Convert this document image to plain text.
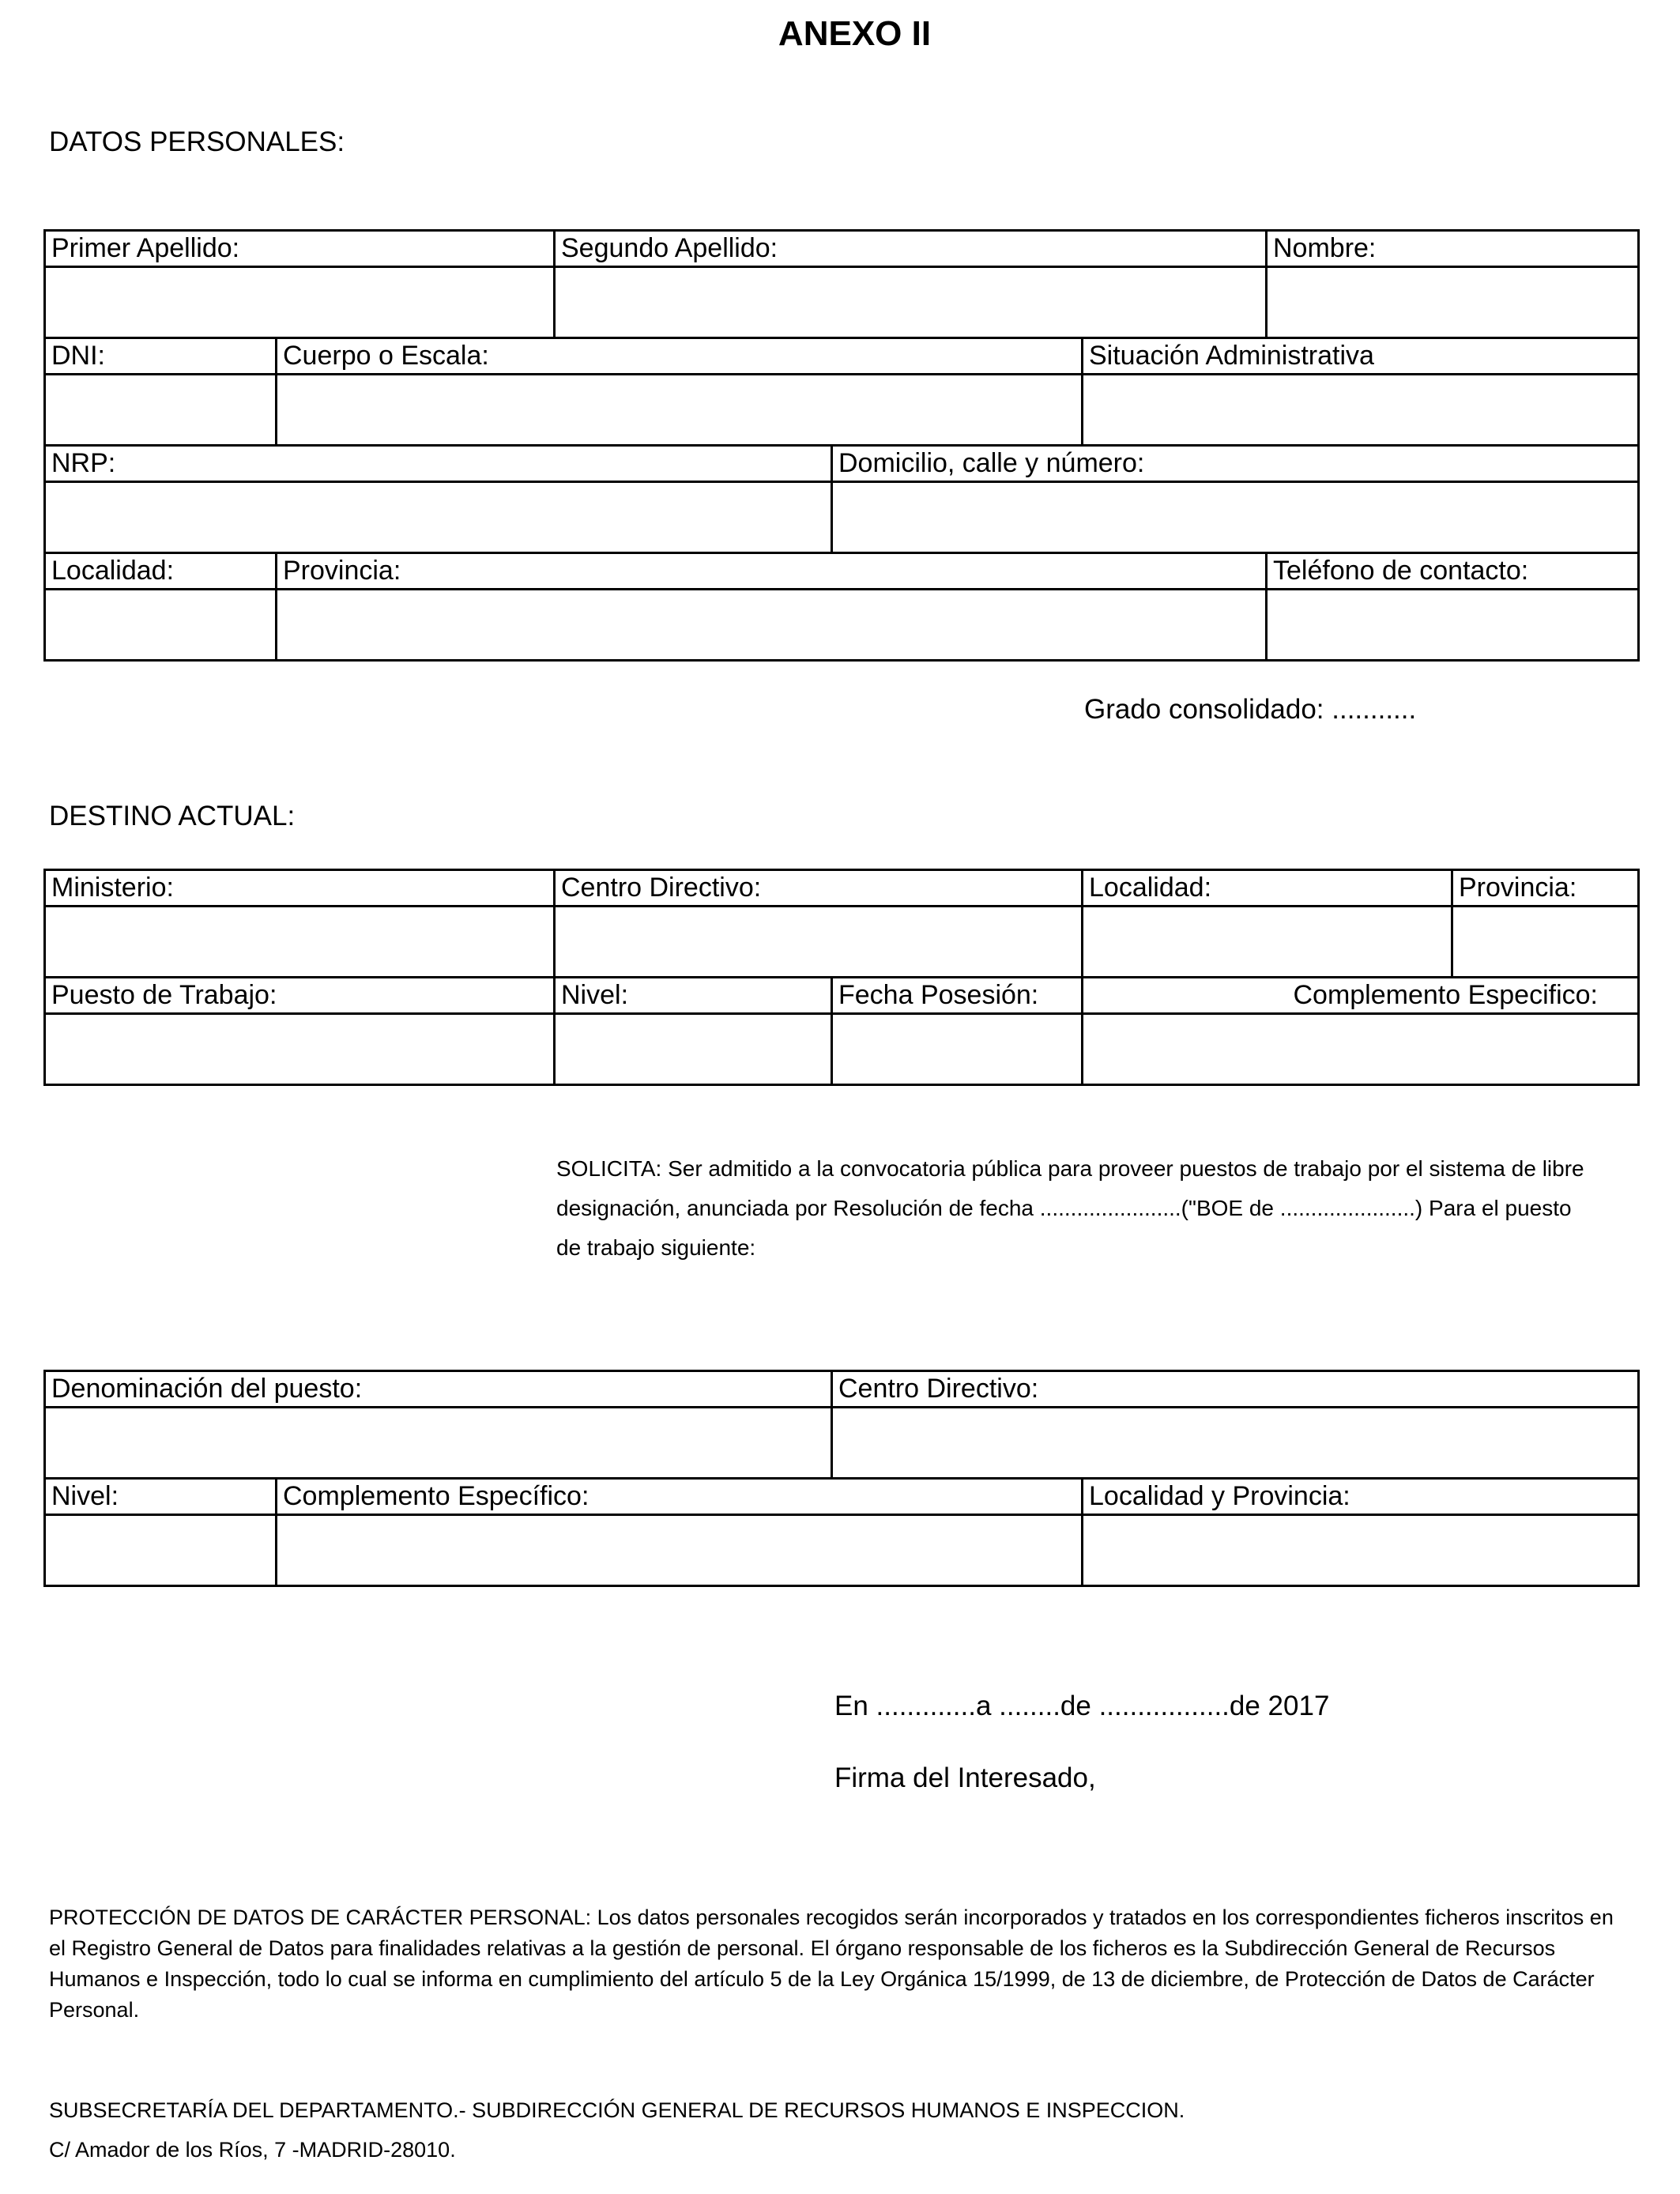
ANEXO II
DATOS PERSONALES:
Primer Apellido:	Segundo Apellido:	Nombre:
DNI:	Cuerpo o Escala:	Situación Administrativa
NRP:	Domicilio, calle y número:
Localidad:	Provincia:	Teléfono de contacto:
Grado consolidado: ...........
DESTINO ACTUAL:
Ministerio:	Centro Directivo:	Localidad:	Provincia:
Puesto de Trabajo:	Nivel:	Fecha Posesión:	Complemento Especifico:
SOLICITA: Ser admitido a la convocatoria pública para proveer puestos de trabajo por el sistema de libre designación, anunciada por Resolución de fecha .......................("BOE de ......................) Para el puesto de trabajo siguiente:
Denominación del puesto:	Centro Directivo:
Nivel:	Complemento Específico:	Localidad y Provincia:
En .............a ........de .................de 2017
Firma del Interesado,
PROTECCIÓN DE DATOS DE CARÁCTER PERSONAL: Los datos personales recogidos serán incorporados y tratados en los correspondientes ficheros inscritos en el Registro General de Datos para finalidades relativas a la gestión de personal. El órgano responsable de los ficheros es la Subdirección General de Recursos Humanos e Inspección, todo lo cual se informa en cumplimiento del artículo 5 de la Ley Orgánica 15/1999, de 13 de diciembre, de Protección de Datos de Carácter Personal.
SUBSECRETARÍA DEL DEPARTAMENTO.- SUBDIRECCIÓN GENERAL DE RECURSOS HUMANOS E INSPECCION.
C/ Amador de los Ríos, 7 -MADRID-28010.
